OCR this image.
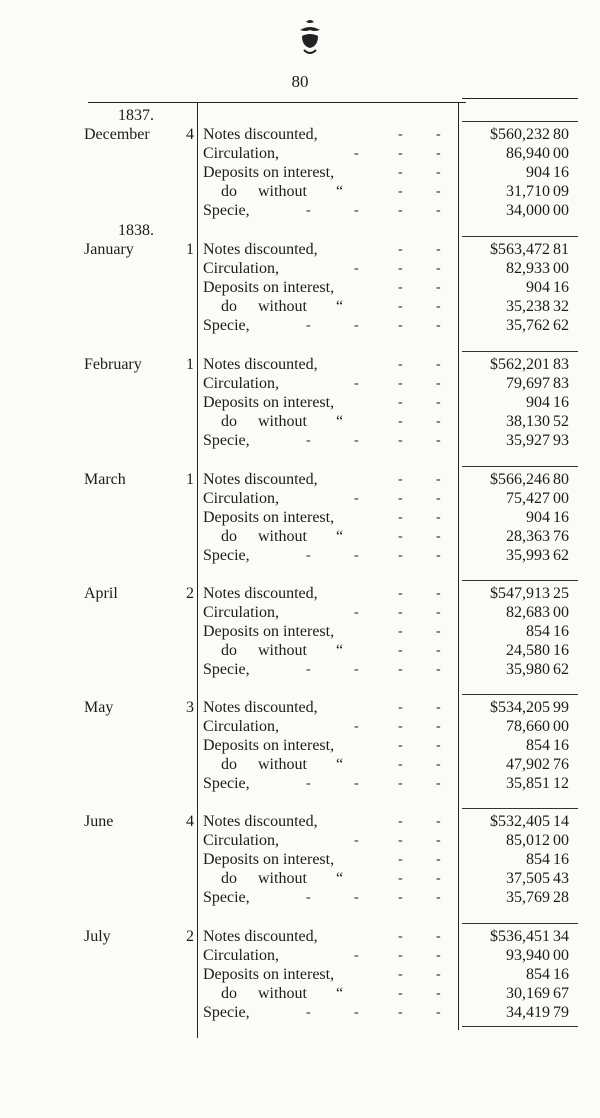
80
1837.
December	4 Notes discounted,	- -	$560,232 80
Circulation,	-	- -	86,940 00
Deposits on interest,	- -	904 16
do without “	- -	31,710 09
Specie,	-	-	- -	34,000 00
1838.
January	1 Notes discounted,	- -	$563,472 81
Circulation,	-	- -	82,933 00
Deposits on interest,	- -	904 16
do without “	- -	35,238 32
Specie,	-	-	- -	35,762 62
February	1 Notes discounted,	- -	$562,201 83
Circulation,	-	- -	79,697 83
Deposits on interest,	- -	904 16
do without “	- -	38,130 52
Specie,	-	-	- -	35,927 93
March	1 Notes discounted,	- -	$566,246 80
Circulation,	-	- -	75,427 00
Deposits on interest,	- -	904 16
do without “	- -	28,363 76
Specie,	-	-	- -	35,993 62
April	2 Notes discounted,	- -	$547,913 25
Circulation,	-	- -	82,683 00
Deposits on interest,	- -	854 16
do without “	- -	24,580 16
Specie,	-	-	- -	35,980 62
May	3 Notes discounted,	- -	$534,205 99
Circulation,	-	- -	78,660 00
Deposits on interest,	- -	854 16
do without “	- -	47,902 76
Specie,	-	-	- -	35,851 12
June	4 Notes discounted,	- -	$532,405 14
Circulation,	-	- -	85,012 00
Deposits on interest,	- -	854 16
do without “	- -	37,505 43
Specie,	-	-	- -	35,769 28
July	2 Notes discounted,	- -	$536,451 34
Circulation,	-	- -	93,940 00
Deposits on interest,	- -	854 16
do without “	- -	30,169 67
Specie,	-	-	- -	34,419 79
